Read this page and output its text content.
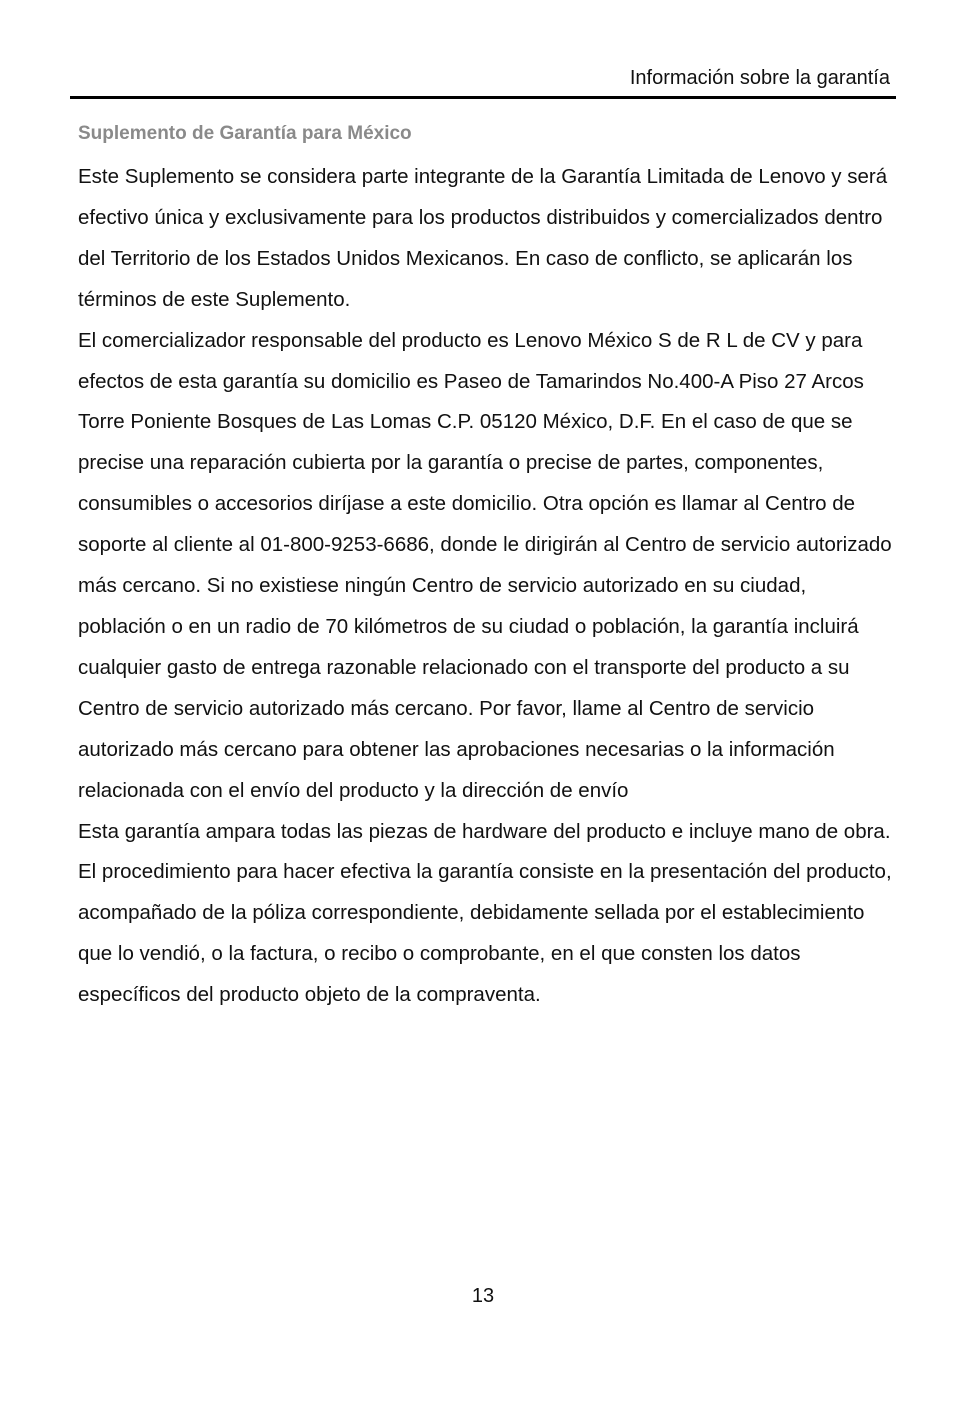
Información sobre la garantía
Suplemento de Garantía para México

Este Suplemento se considera parte integrante de la Garantía Limitada de Lenovo y será efectivo única y exclusivamente para los productos distribuidos y comercializados dentro del Territorio de los Estados Unidos Mexicanos. En caso de conflicto, se aplicarán los términos de este Suplemento.

El comercializador responsable del producto es Lenovo México S de R L de CV y para efectos de esta garantía su domicilio es Paseo de Tamarindos No.400-A Piso 27 Arcos Torre Poniente Bosques de Las Lomas C.P. 05120 México, D.F. En el caso de que se precise una reparación cubierta por la garantía o precise de partes, componentes, consumibles o accesorios diríjase a este domicilio. Otra opción es llamar al Centro de soporte al cliente al 01-800-9253-6686, donde le dirigirán al Centro de servicio autorizado más cercano. Si no existiese ningún Centro de servicio autorizado en su ciudad, población o en un radio de 70 kilómetros de su ciudad o población, la garantía incluirá cualquier gasto de entrega razonable relacionado con el transporte del producto a su Centro de servicio autorizado más cercano. Por favor, llame al Centro de servicio autorizado más cercano para obtener las aprobaciones necesarias o la información relacionada con el envío del producto y la dirección de envío

Esta garantía ampara todas las piezas de hardware del producto e incluye mano de obra.

El procedimiento para hacer efectiva la garantía consiste en la presentación del producto, acompañado de la póliza correspondiente, debidamente sellada por el establecimiento que lo vendió, o la factura, o recibo o comprobante, en el que consten los datos específicos del producto objeto de la compraventa.

13
